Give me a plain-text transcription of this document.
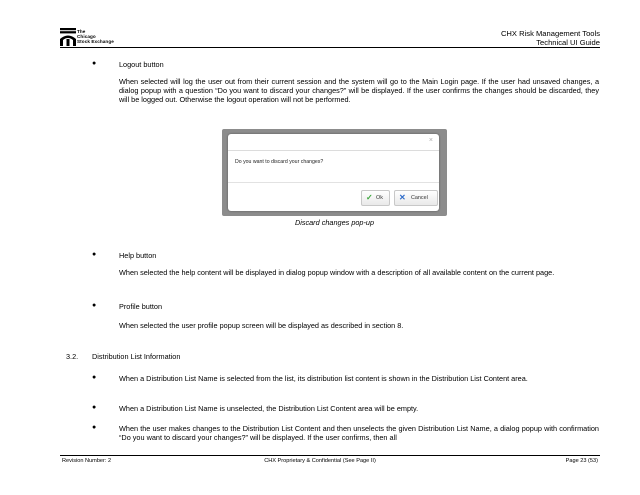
The
Chicago
Stock Exchange
CHX Risk Management Tools
Technical UI Guide
●	Logout button
When selected will log the user out from their current session and the system will go to the Main Login page. If the user had unsaved changes, a dialog popup with a question “Do you want to discard your changes?” will be displayed. If the user confirms the changes should be discarded, they will be logged out. Otherwise the logout operation will not be performed.
×
Do you want to discard your changes?
✓ Ok ✕ Cancel
Discard changes pop-up
●	Help button
When selected the help content will be displayed in dialog popup window with a description of all available content on the current page.
●	Profile button
When selected the user profile popup screen will be displayed as described in section 8.
3.2. Distribution List Information
●	When a Distribution List Name is selected from the list, its distribution list content is shown in the Distribution List Content area.
●	When a Distribution List Name is unselected, the Distribution List Content area will be empty.
●	When the user makes changes to the Distribution List Content and then unselects the given Distribution List Name, a dialog popup with confirmation “Do you want to discard your changes?” will be displayed. If the user confirms, then all
Revision Number: 2	CHX Proprietary & Confidential (See Page II)	Page 23 (53)
